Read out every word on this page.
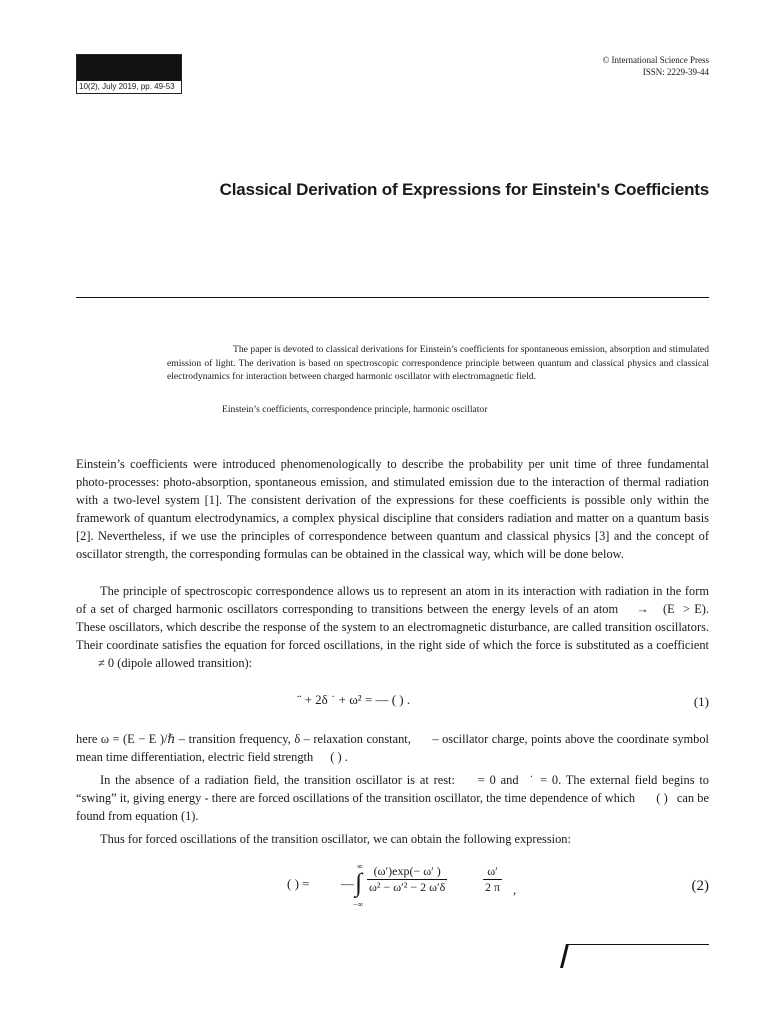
10(2), July 2019, pp. 49-53
© International Science Press
ISSN: 2229-39-44
Classical Derivation of Expressions for Einstein's Coefficients

The paper is devoted to classical derivations for Einstein’s coefficients for spontaneous emission, absorption and stimulated emission of light. The derivation is based on spectroscopic correspondence principle between quantum and classical physics and classical electrodynamics for interaction between charged harmonic oscillator with electromagnetic field.

Einstein’s coefficients, correspondence principle, harmonic oscillator

Einstein’s coefficients were introduced phenomenologically to describe the probability per unit time of three fundamental photo-processes: photo-absorption, spontaneous emission, and stimulated emission due to the interaction of thermal radiation with a two-level system [1]. The consistent derivation of the expressions for these coefficients is possible only within the framework of quantum electrodynamics, a complex physical discipline that considers radiation and matter on a quantum basis [2]. Nevertheless, if we use the principles of correspondence between quantum and classical physics [3] and the concept of oscillator strength, the corresponding formulas can be obtained in the classical way, which will be done below.

The principle of spectroscopic correspondence allows us to represent an atom in its interaction with radiation in the form of a set of charged harmonic oscillators corresponding to transitions between the energy levels of an atom → (E > E). These oscillators, which describe the response of the system to an electromagnetic disturbance, are called transition oscillators. Their coordinate satisfies the equation for forced oscillations, in the right side of which the force is substituted as a coefficient ≠ 0 (dipole allowed transition):

¨ + 2δ ˙ + ω² = — ( ) .	(1)

here ω = (E − E )/ℏ – transition frequency, δ – relaxation constant, – oscillator charge, points above the coordinate symbol mean time differentiation, electric field strength ( ) .

In the absence of a radiation field, the transition oscillator is at rest: = 0 and ˙ = 0. The external field begins to “swing” it, giving energy - there are forced oscillations of the transition oscillator, the time dependence of which ( ) can be found from equation (1).

Thus for forced oscillations of the transition oscillator, we can obtain the following expression:

( ) = —
∞
∫
−∞
$\frac{(\omega')\exp(- \omega' )}{\text{ω² − ω′² − 2 ω′δ}}$	$\frac{\omega'}{2 \pi}$ ,	(2)
